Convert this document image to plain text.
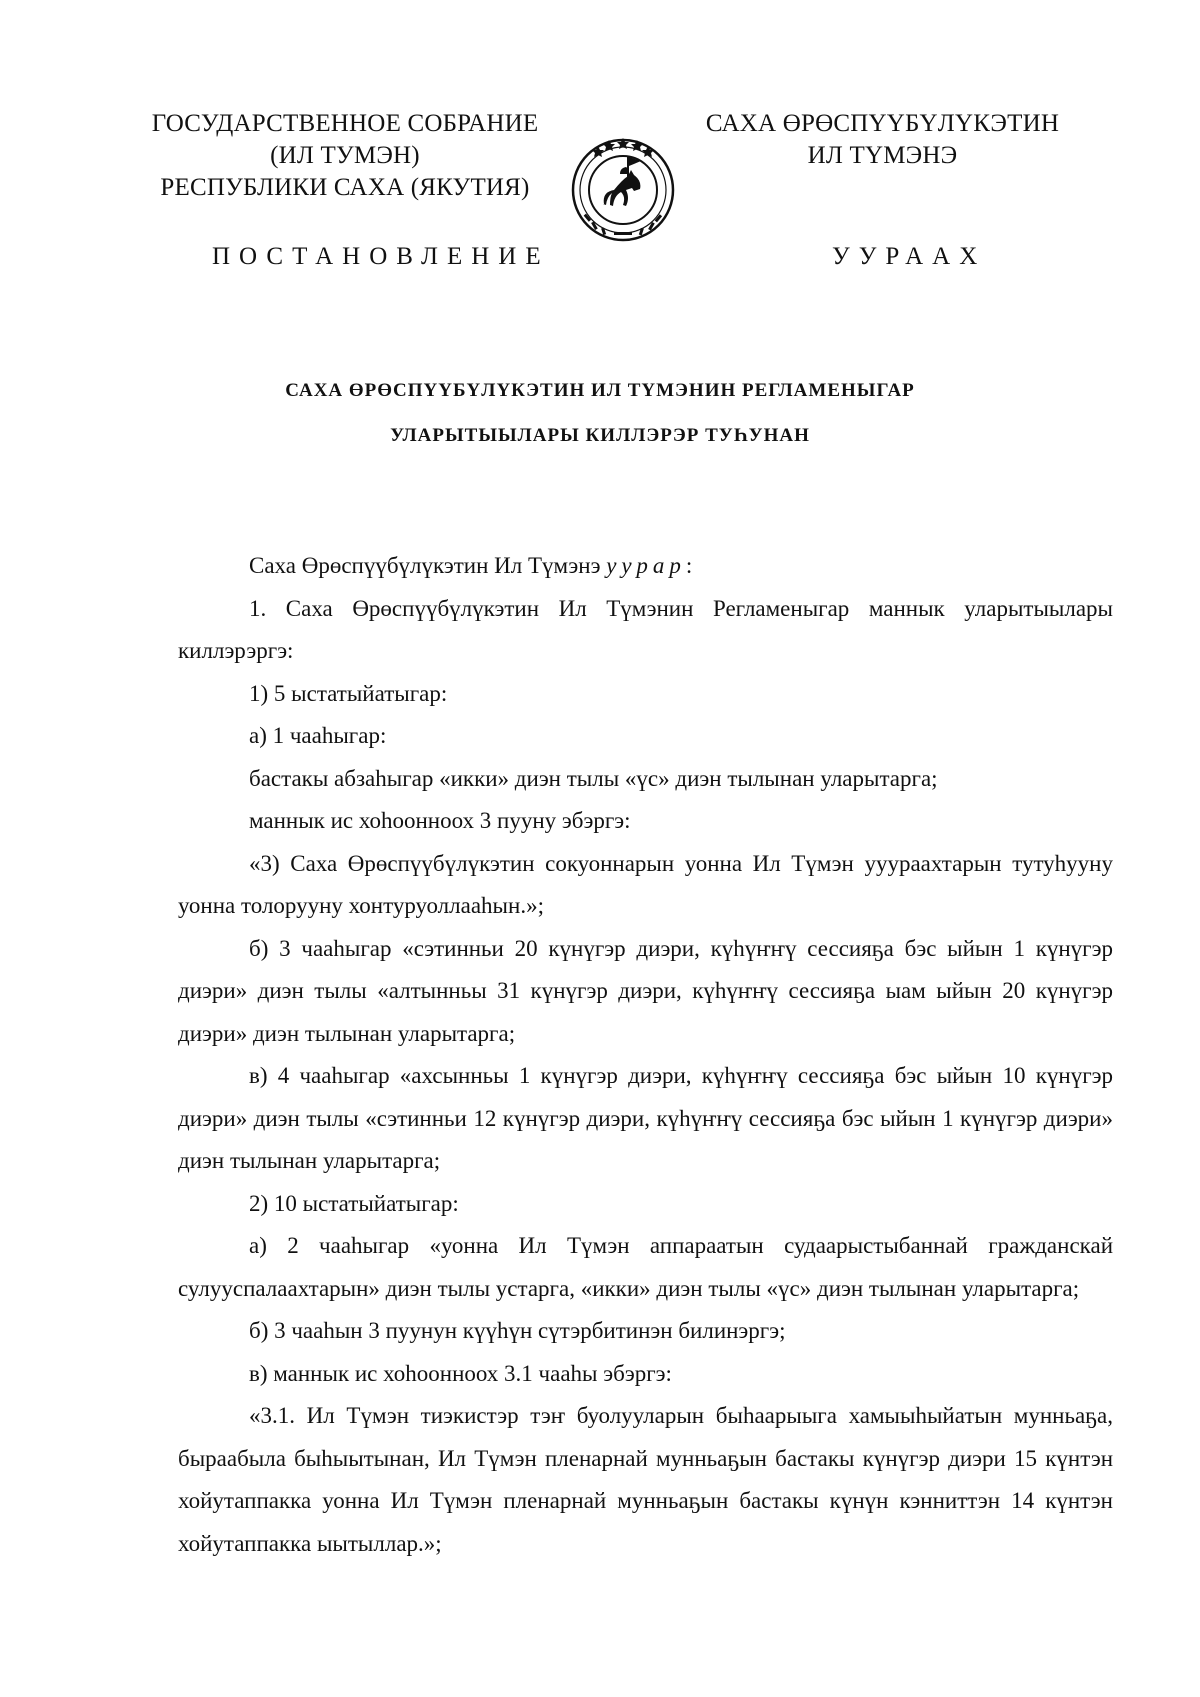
ГОСУДАРСТВЕННОЕ СОБРАНИЕ
(ИЛ ТУМЭН)
РЕСПУБЛИКИ САХА (ЯКУТИЯ)
САХА ӨРӨСПҮҮБҮЛҮКЭТИН
ИЛ ТҮМЭНЭ
ПОСТАНОВЛЕНИЕ	УУРААХ
САХА ӨРӨСПҮҮБҮЛҮКЭТИН ИЛ ТҮМЭНИН РЕГЛАМЕНЫГАР
УЛАРЫТЫЫЛАРЫ КИЛЛЭРЭР ТУҺУНАН

Саха Өрөспүүбүлүкэтин Ил Түмэнэ уурар:

1. Саха Өрөспүүбүлүкэтин Ил Түмэнин Регламеныгар маннык уларытыылары киллэрэргэ:

1) 5 ыстатыйатыгар:

а) 1 чааһыгар:

бастакы абзаһыгар «икки» диэн тылы «үс» диэн тылынан уларытарга;

маннык ис хоһоонноох 3 пууну эбэргэ:

«3) Саха Өрөспүүбүлүкэтин сокуоннарын уонна Ил Түмэн ууураахтарын тутуһууну уонна толорууну хонтуруоллааһын.»;

б) 3 чааһыгар «сэтинньи 20 күнүгэр диэри, күһүҥҥү сессияҕа бэс ыйын 1 күнүгэр диэри» диэн тылы «алтынньы 31 күнүгэр диэри, күһүҥҥү сессияҕа ыам ыйын 20 күнүгэр диэри» диэн тылынан уларытарга;

в) 4 чааһыгар «ахсынньы 1 күнүгэр диэри, күһүҥҥү сессияҕа бэс ыйын 10 күнүгэр диэри» диэн тылы «сэтинньи 12 күнүгэр диэри, күһүҥҥү сессияҕа бэс ыйын 1 күнүгэр диэри» диэн тылынан уларытарга;

2) 10 ыстатыйатыгар:

а) 2 чааһыгар «уонна Ил Түмэн аппараатын судаарыстыбаннай гражданскай сулууспалаахтарын» диэн тылы устарга, «икки» диэн тылы «үс» диэн тылынан уларытарга;

б) 3 чааһын 3 пуунун күүһүн сүтэрбитинэн билинэргэ;

в) маннык ис хоһоонноох 3.1 чааһы эбэргэ:

«3.1. Ил Түмэн тиэкистэр тэҥ буолууларын быһаарыыга хамыыһыйатын мунньаҕа, быраабыла быһыытынан, Ил Түмэн пленарнай мунньаҕын бастакы күнүгэр диэри 15 күнтэн хойутаппакка уонна Ил Түмэн пленарнай мунньаҕын бастакы күнүн кэнниттэн 14 күнтэн хойутаппакка ыытыллар.»;
